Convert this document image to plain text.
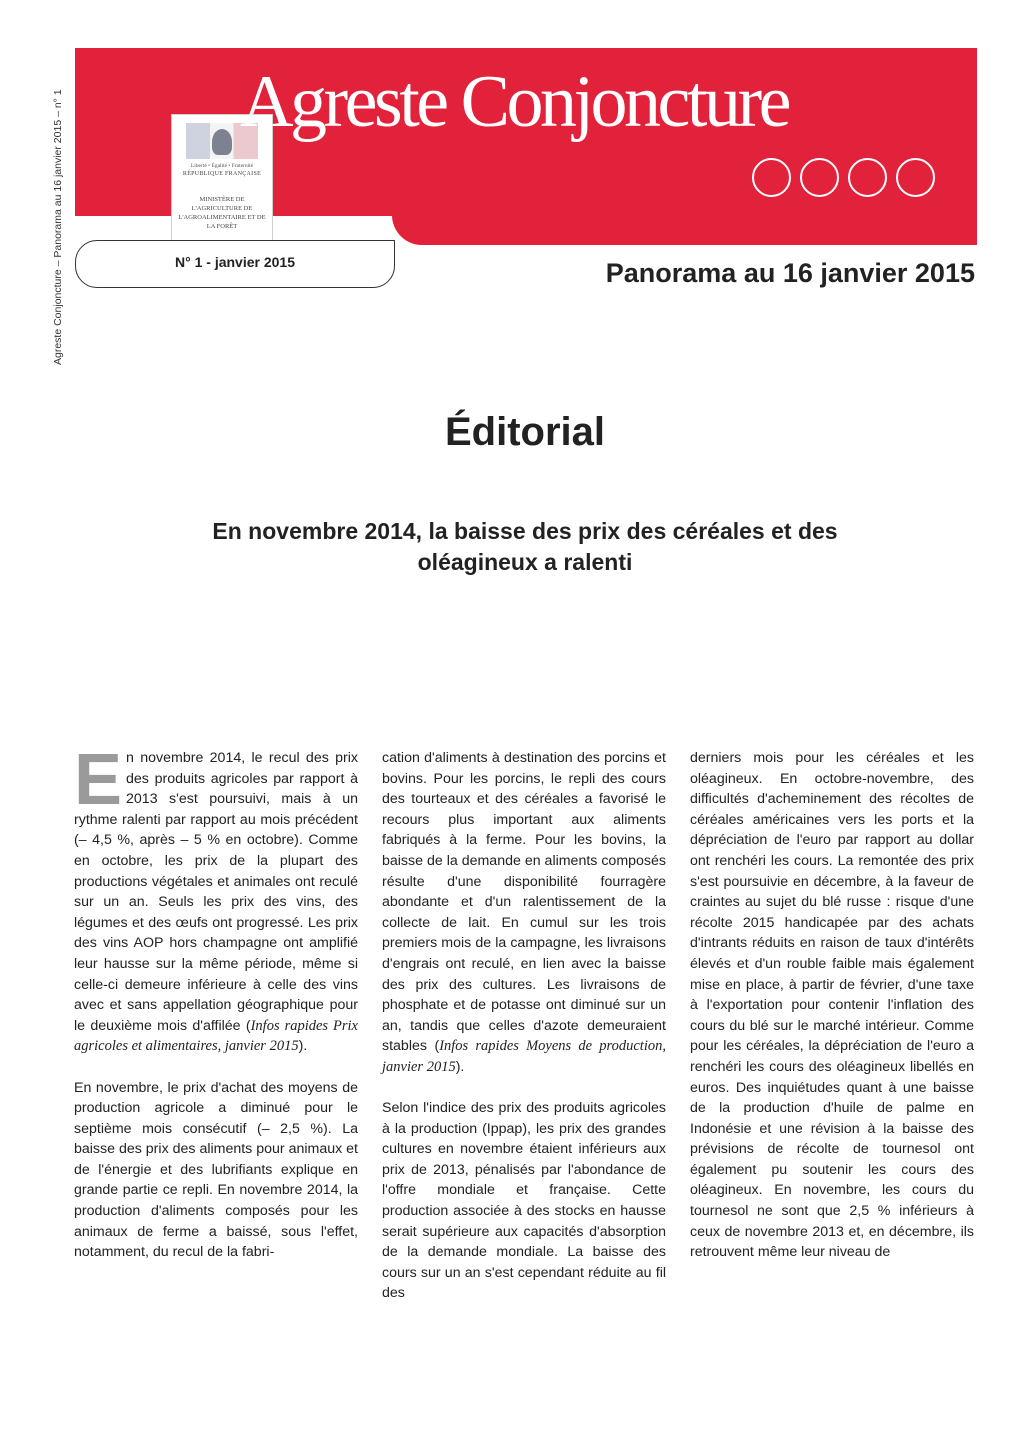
Agreste Conjoncture – Panorama au 16 janvier 2015 – n° 1	Liberté • Égalité • Fraternité
RÉPUBLIQUE FRANÇAISE
MINISTÈRE DE L'AGRICULTURE DE L'AGROALIMENTAIRE ET DE LA FORÊT
Agreste Conjoncture
N° 1 - janvier 2015	Panorama au 16 janvier 2015
Éditorial
En novembre 2014, la baisse des prix des céréales et des oléagineux a ralenti

En novembre 2014, le recul des prix des produits agricoles par rapport à 2013 s'est poursuivi, mais à un rythme ralenti par rapport au mois précédent (– 4,5 %, après – 5 % en octobre). Comme en octobre, les prix de la plupart des productions végétales et animales ont reculé sur un an. Seuls les prix des vins, des légumes et des œufs ont progressé. Les prix des vins AOP hors champagne ont amplifié leur hausse sur la même période, même si celle-ci demeure inférieure à celle des vins avec et sans appellation géographique pour le deuxième mois d'affilée (Infos rapides Prix agricoles et alimentaires, janvier 2015).

En novembre, le prix d'achat des moyens de production agricole a diminué pour le septième mois consécutif (– 2,5 %). La baisse des prix des aliments pour animaux et de l'énergie et des lubrifiants explique en grande partie ce repli. En novembre 2014, la production d'aliments composés pour les animaux de ferme a baissé, sous l'effet, notamment, du recul de la fabri-

cation d'aliments à destination des porcins et bovins. Pour les porcins, le repli des cours des tourteaux et des céréales a favorisé le recours plus important aux aliments fabriqués à la ferme. Pour les bovins, la baisse de la demande en aliments composés résulte d'une disponibilité fourragère abondante et d'un ralentissement de la collecte de lait. En cumul sur les trois premiers mois de la campagne, les livraisons d'engrais ont reculé, en lien avec la baisse des prix des cultures. Les livraisons de phosphate et de potasse ont diminué sur un an, tandis que celles d'azote demeuraient stables (Infos rapides Moyens de production, janvier 2015).

Selon l'indice des prix des produits agricoles à la production (Ippap), les prix des grandes cultures en novembre étaient inférieurs aux prix de 2013, pénalisés par l'abondance de l'offre mondiale et française. Cette production associée à des stocks en hausse serait supérieure aux capacités d'absorption de la demande mondiale. La baisse des cours sur un an s'est cependant réduite au fil des

derniers mois pour les céréales et les oléagineux. En octobre-novembre, des difficultés d'acheminement des récoltes de céréales américaines vers les ports et la dépréciation de l'euro par rapport au dollar ont renchéri les cours. La remontée des prix s'est poursuivie en décembre, à la faveur de craintes au sujet du blé russe : risque d'une récolte 2015 handicapée par des achats d'intrants réduits en raison de taux d'intérêts élevés et d'un rouble faible mais également mise en place, à partir de février, d'une taxe à l'exportation pour contenir l'inflation des cours du blé sur le marché intérieur. Comme pour les céréales, la dépréciation de l'euro a renchéri les cours des oléagineux libellés en euros. Des inquiétudes quant à une baisse de la production d'huile de palme en Indonésie et une révision à la baisse des prévisions de récolte de tournesol ont également pu soutenir les cours des oléagineux. En novembre, les cours du tournesol ne sont que 2,5 % inférieurs à ceux de novembre 2013 et, en décembre, ils retrouvent même leur niveau de
